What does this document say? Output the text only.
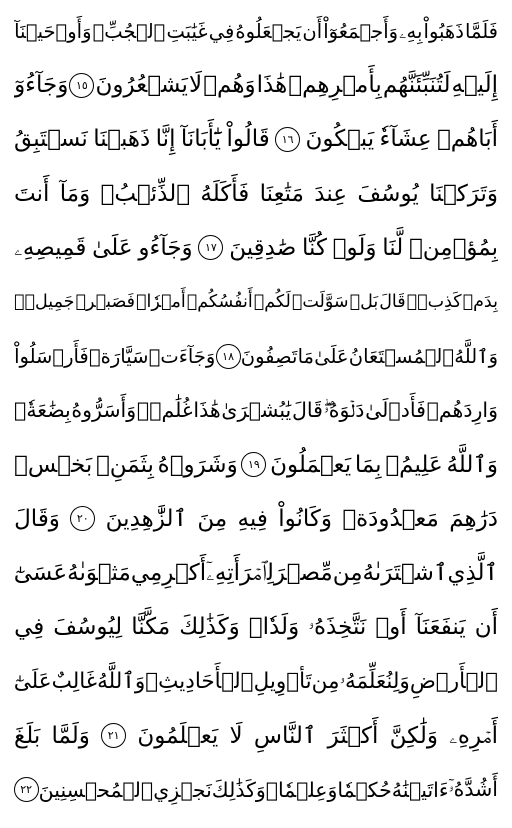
فَلَمَّا
ذَهَبُواْ
بِهِۦ
وَأَجۡمَعُوٓاْ
أَن
يَجۡعَلُوهُ
فِي
غَيَٰبَتِ
ٱلۡجُبِّۚ
وَأَوۡحَيۡنَآ
إِلَيۡهِ
لَتُنَبِّئَنَّهُم
بِأَمۡرِهِمۡ
هَٰذَا
وَهُمۡ
لَا
يَشۡعُرُونَ
١٥
وَجَآءُوٓ
أَبَاهُمۡ
عِشَآءٗ
يَبۡكُونَ
١٦
قَالُواْ
يَٰٓأَبَانَآ
إِنَّا
ذَهَبۡنَا
نَسۡتَبِقُ
وَتَرَكۡنَا
يُوسُفَ
عِندَ
مَتَٰعِنَا
فَأَكَلَهُ
ٱلذِّئۡبُۖ
وَمَآ
أَنتَ
بِمُؤۡمِنٖ
لَّنَا
وَلَوۡ
كُنَّا
صَٰدِقِينَ
١٧
وَجَآءُو
عَلَىٰ
قَمِيصِهِۦ
بِدَمٖ
كَذِبٖۚ
قَالَ
بَلۡ
سَوَّلَتۡ
لَكُمۡ
أَنفُسُكُمۡ
أَمۡرٗاۖ
فَصَبۡرٞ
جَمِيلٞۖ
وَٱللَّهُ
ٱلۡمُسۡتَعَانُ
عَلَىٰ
مَا
تَصِفُونَ
١٨
وَجَآءَتۡ
سَيَّارَةٞ
فَأَرۡسَلُواْ
وَارِدَهُمۡ
فَأَدۡلَىٰ
دَلۡوَهُۥۖ
قَالَ
يَٰبُشۡرَىٰ
هَٰذَا
غُلَٰمٞۚ
وَأَسَرُّوهُ
بِضَٰعَةٗۚ
وَٱللَّهُ
عَلِيمُۢ
بِمَا
يَعۡمَلُونَ
١٩
وَشَرَوۡهُ
بِثَمَنِۭ
بَخۡسٖ
دَرَٰهِمَ
مَعۡدُودَةٖ
وَكَانُواْ
فِيهِ
مِنَ
ٱلزَّٰهِدِينَ
٢٠
وَقَالَ
ٱلَّذِي
ٱشۡتَرَىٰهُ
مِن
مِّصۡرَ
لِٱمۡرَأَتِهِۦٓ
أَكۡرِمِي
مَثۡوَىٰهُ
عَسَىٰٓ
أَن
يَنفَعَنَآ
أَوۡ
نَتَّخِذَهُۥ
وَلَدٗاۚ
وَكَذَٰلِكَ
مَكَّنَّا
لِيُوسُفَ
فِي
ٱلۡأَرۡضِ
وَلِنُعَلِّمَهُۥ
مِن
تَأۡوِيلِ
ٱلۡأَحَادِيثِۚ
وَٱللَّهُ
غَالِبٌ
عَلَىٰٓ
أَمۡرِهِۦ
وَلَٰكِنَّ
أَكۡثَرَ
ٱلنَّاسِ
لَا
يَعۡلَمُونَ
٢١
وَلَمَّا
بَلَغَ
أَشُدَّهُۥٓ
ءَاتَيۡنَٰهُ
حُكۡمٗا
وَعِلۡمٗاۚ
وَكَذَٰلِكَ
نَجۡزِي
ٱلۡمُحۡسِنِينَ
٢٢
